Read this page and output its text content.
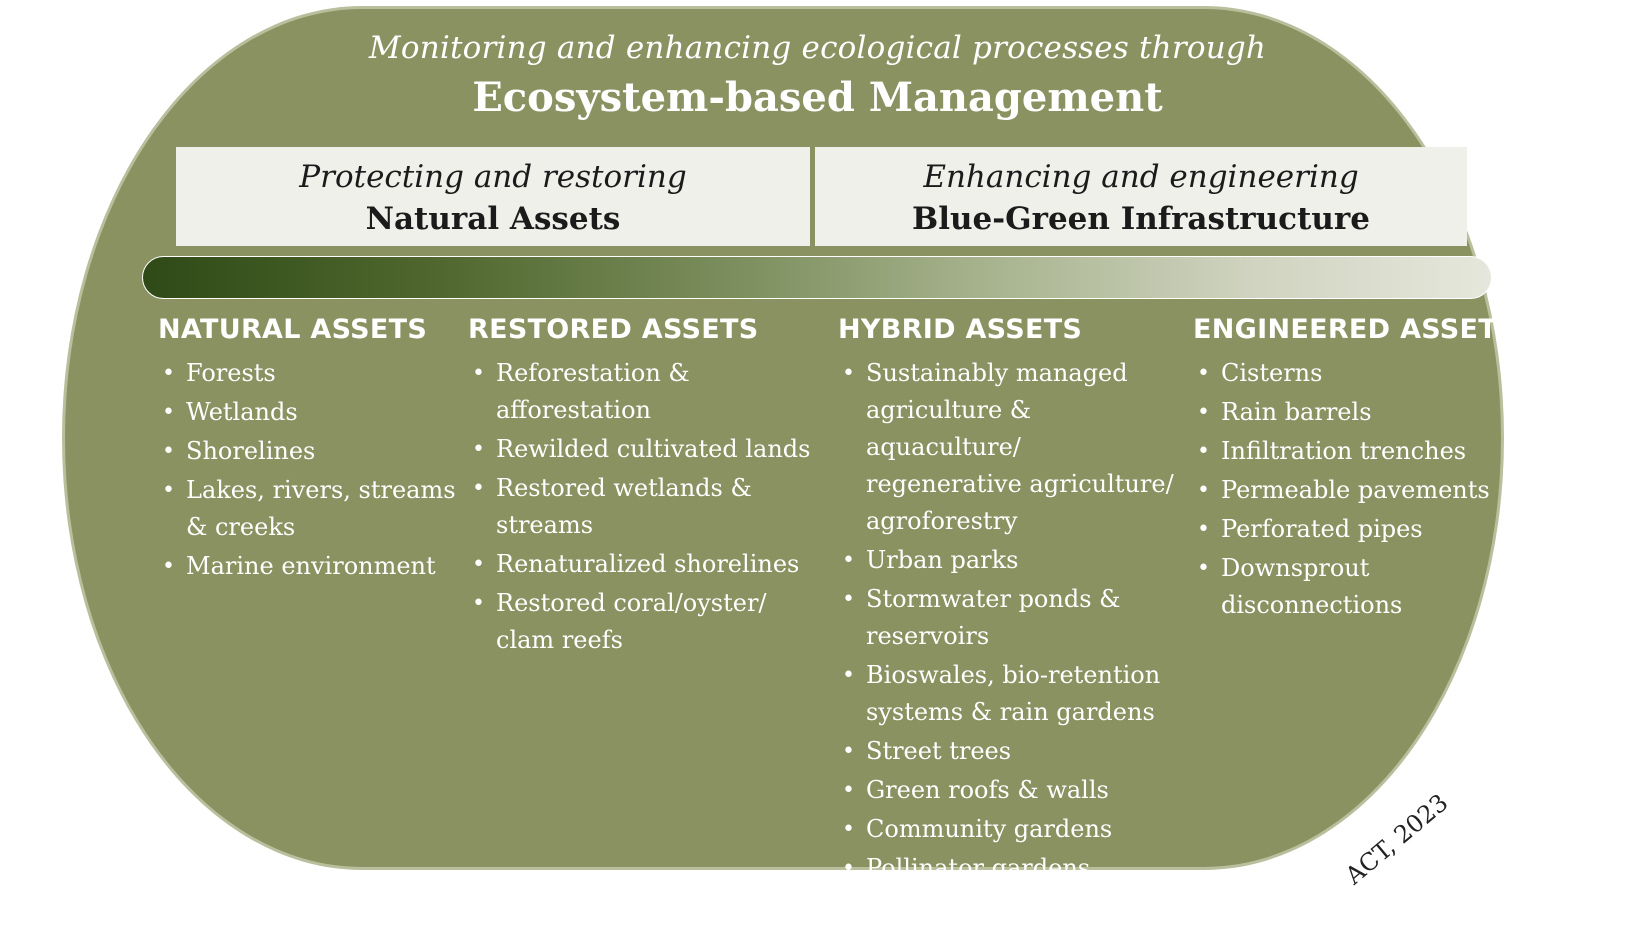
Monitoring and enhancing ecological processes through
Ecosystem-based Management
Protecting and restoring
Natural Assets
Enhancing and engineering
Blue-Green Infrastructure
NATURAL ASSETS
• Forests
• Wetlands
• Shorelines
• Lakes, rivers, streams & creeks
• Marine environment
RESTORED ASSETS
• Reforestation & afforestation
• Rewilded cultivated lands
• Restored wetlands & streams
• Renaturalized shorelines
• Restored coral/oyster/ clam reefs
HYBRID ASSETS
• Sustainably managed agriculture & aquaculture/ regenerative agriculture/ agroforestry
• Urban parks
• Stormwater ponds & reservoirs
• Bioswales, bio-retention systems & rain gardens
• Street trees
• Green roofs & walls
• Community gardens
• Pollinator gardens
• Xeriscaping
ENGINEERED ASSETS
• Cisterns
• Rain barrels
• Infiltration trenches
• Permeable pavements
• Perforated pipes
• Downsprout disconnections
ACT, 2023
